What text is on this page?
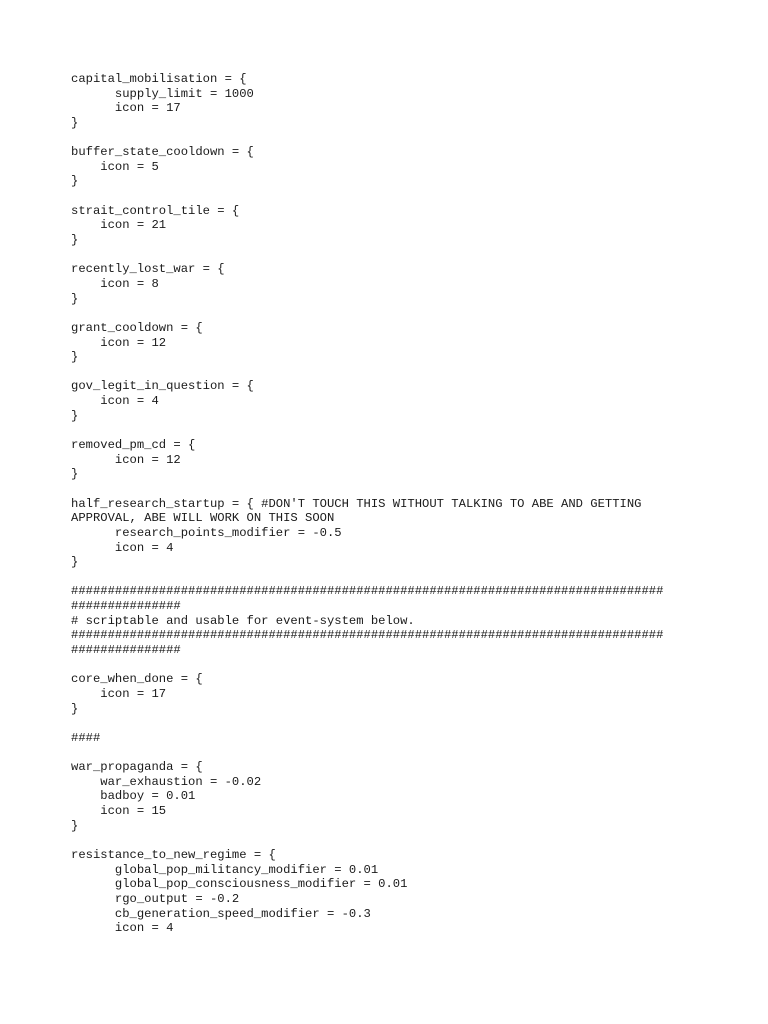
capital_mobilisation = {
supply_limit = 1000
icon = 17
}
buffer_state_cooldown = {
icon = 5
}
strait_control_tile = {
icon = 21
}
recently_lost_war = {
icon = 8
}
grant_cooldown = {
icon = 12
}
gov_legit_in_question = {
icon = 4
}
removed_pm_cd = {
icon = 12
}
half_research_startup = { #DON'T TOUCH THIS WITHOUT TALKING TO ABE AND GETTING
APPROVAL, ABE WILL WORK ON THIS SOON
research_points_modifier = -0.5
icon = 4
}
#################################################################################
###############
# scriptable and usable for event-system below.
#################################################################################
###############
core_when_done = {
icon = 17
}
####
war_propaganda = {
war_exhaustion = -0.02
badboy = 0.01
icon = 15
}
resistance_to_new_regime = {
global_pop_militancy_modifier = 0.01
global_pop_consciousness_modifier = 0.01
rgo_output = -0.2
cb_generation_speed_modifier = -0.3
icon = 4
